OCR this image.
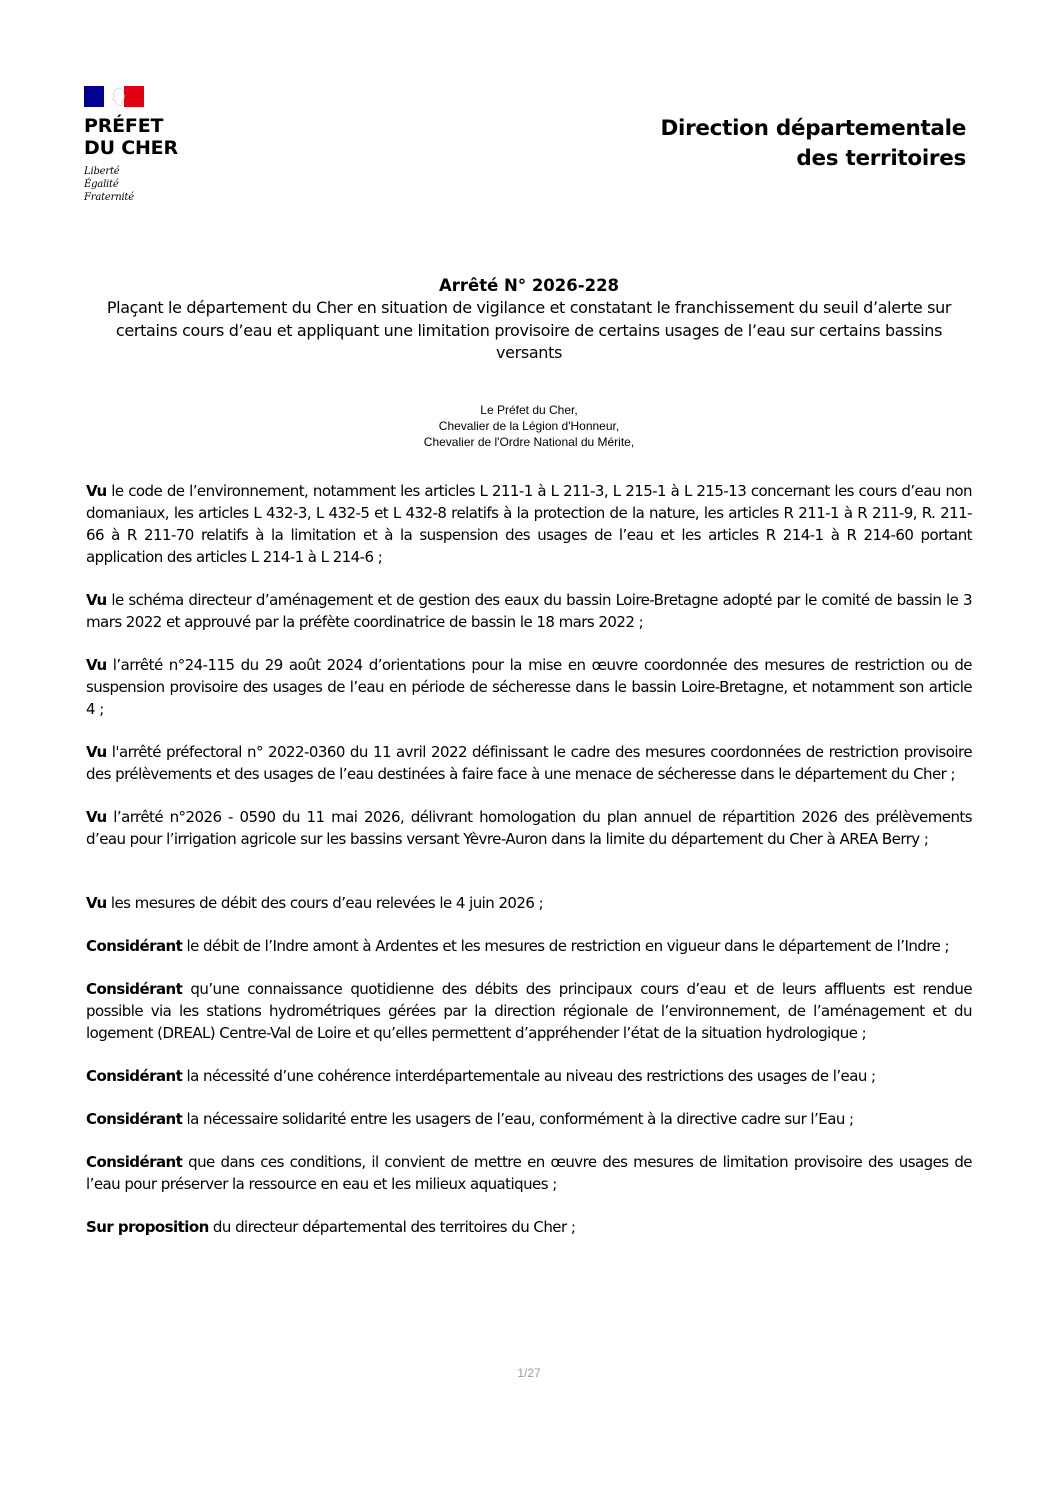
PRÉFET
DU CHER
Liberté
Égalité
Fraternité
Direction départementale
des territoires
Arrêté N° 2026-228
Plaçant le département du Cher en situation de vigilance et constatant le franchissement du seuil d’alerte sur certains cours d’eau et appliquant une limitation provisoire de certains usages de l’eau sur certains bassins versants
Le Préfet du Cher,
Chevalier de la Légion d'Honneur,
Chevalier de l'Ordre National du Mérite,

Vu le code de l’environnement, notamment les articles L 211-1 à L 211-3, L 215-1 à L 215-13 concernant les cours d’eau non domaniaux, les articles L 432-3, L 432-5 et L 432-8 relatifs à la protection de la nature, les articles R 211-1 à R 211-9, R. 211-66 à R 211-70 relatifs à la limitation et à la suspension des usages de l’eau et les articles R 214-1 à R 214-60 portant application des articles L 214-1 à L 214-6 ;

Vu le schéma directeur d’aménagement et de gestion des eaux du bassin Loire-Bretagne adopté par le comité de bassin le 3 mars 2022 et approuvé par la préfète coordinatrice de bassin le 18 mars 2022 ;

Vu l’arrêté n°24-115 du 29 août 2024 d’orientations pour la mise en œuvre coordonnée des mesures de restriction ou de suspension provisoire des usages de l’eau en période de sécheresse dans le bassin Loire-Bretagne, et notamment son article 4 ;

Vu l'arrêté préfectoral n° 2022-0360 du 11 avril 2022 définissant le cadre des mesures coordonnées de restriction provisoire des prélèvements et des usages de l’eau destinées à faire face à une menace de sécheresse dans le département du Cher ;

Vu l’arrêté n°2026 - 0590 du 11 mai 2026, délivrant homologation du plan annuel de répartition 2026 des prélèvements d’eau pour l’irrigation agricole sur les bassins versant Yèvre-Auron dans la limite du département du Cher à AREA Berry ;

Vu les mesures de débit des cours d’eau relevées le 4 juin 2026 ;

Considérant le débit de l’Indre amont à Ardentes et les mesures de restriction en vigueur dans le département de l’Indre ;

Considérant qu’une connaissance quotidienne des débits des principaux cours d’eau et de leurs affluents est rendue possible via les stations hydrométriques gérées par la direction régionale de l’environnement, de l’aménagement et du logement (DREAL) Centre-Val de Loire et qu’elles permettent d’appréhender l’état de la situation hydrologique ;

Considérant la nécessité d’une cohérence interdépartementale au niveau des restrictions des usages de l’eau ;

Considérant la nécessaire solidarité entre les usagers de l’eau, conformément à la directive cadre sur l’Eau ;

Considérant que dans ces conditions, il convient de mettre en œuvre des mesures de limitation provisoire des usages de l’eau pour préserver la ressource en eau et les milieux aquatiques ;

Sur proposition du directeur départemental des territoires du Cher ;

1/27
